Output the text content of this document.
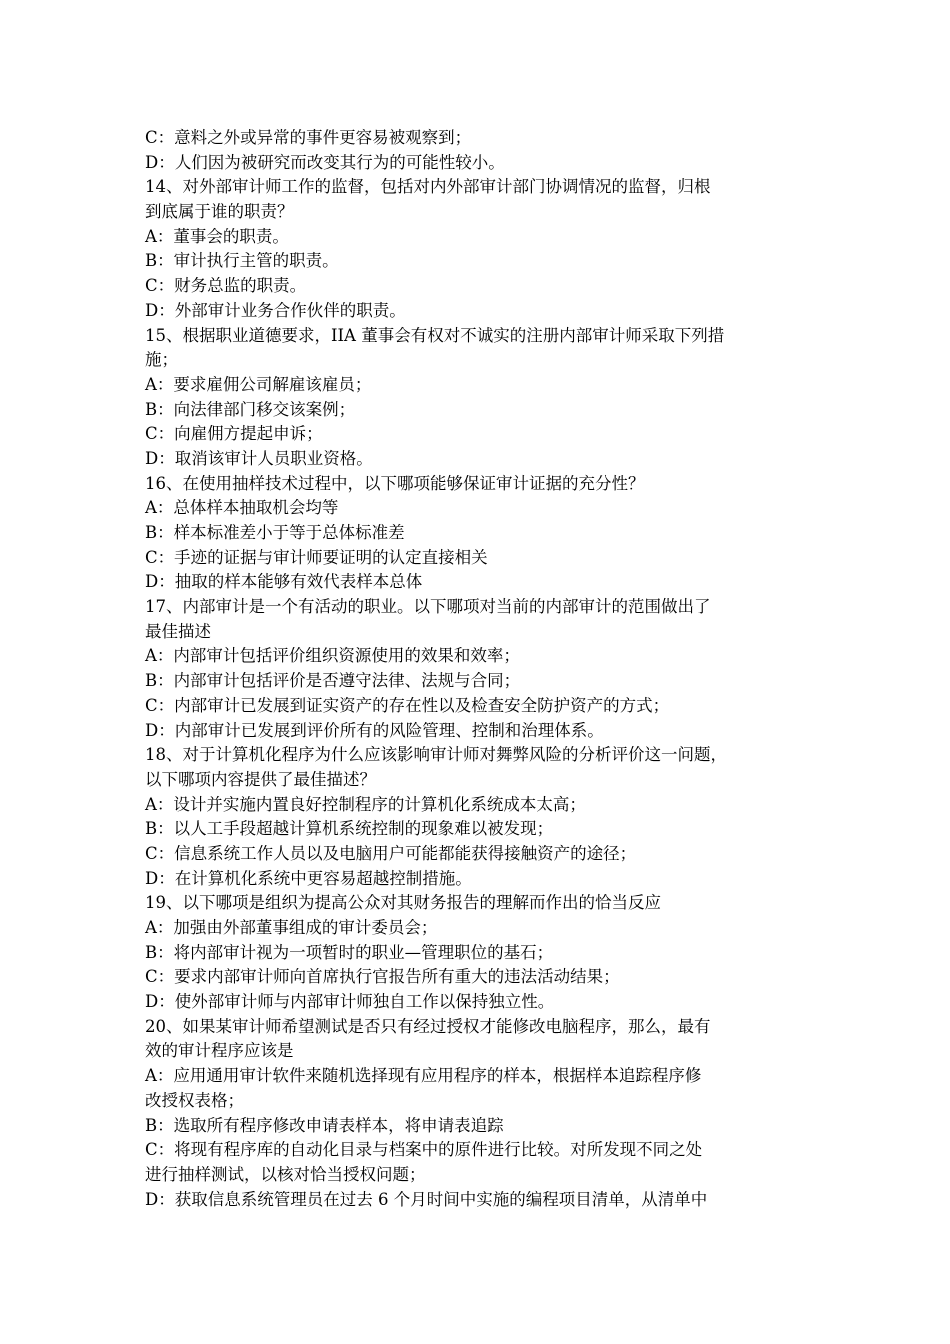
C：意料之外或异常的事件更容易被观察到；
D：人们因为被研究而改变其行为的可能性较小。
14、对外部审计师工作的监督，包括对内外部审计部门协调情况的监督，归根
到底属于谁的职责？
A：董事会的职责。
B：审计执行主管的职责。
C：财务总监的职责。
D：外部审计业务合作伙伴的职责。
15、根据职业道德要求，IIA 董事会有权对不诚实的注册内部审计师采取下列措
施；
A：要求雇佣公司解雇该雇员；
B：向法律部门移交该案例；
C：向雇佣方提起申诉；
D：取消该审计人员职业资格。
16、在使用抽样技术过程中，以下哪项能够保证审计证据的充分性？
A：总体样本抽取机会均等
B：样本标准差小于等于总体标准差
C：手迹的证据与审计师要证明的认定直接相关
D：抽取的样本能够有效代表样本总体
17、内部审计是一个有活动的职业。以下哪项对当前的内部审计的范围做出了
最佳描述
A：内部审计包括评价组织资源使用的效果和效率；
B：内部审计包括评价是否遵守法律、法规与合同；
C：内部审计已发展到证实资产的存在性以及检查安全防护资产的方式；
D：内部审计已发展到评价所有的风险管理、控制和治理体系。
18、对于计算机化程序为什么应该影响审计师对舞弊风险的分析评价这一问题，
以下哪项内容提供了最佳描述？
A：设计并实施内置良好控制程序的计算机化系统成本太高；
B：以人工手段超越计算机系统控制的现象难以被发现；
C：信息系统工作人员以及电脑用户可能都能获得接触资产的途径；
D：在计算机化系统中更容易超越控制措施。
19、以下哪项是组织为提高公众对其财务报告的理解而作出的恰当反应
A：加强由外部董事组成的审计委员会；
B：将内部审计视为一项暂时的职业—管理职位的基石；
C：要求内部审计师向首席执行官报告所有重大的违法活动结果；
D：使外部审计师与内部审计师独自工作以保持独立性。
20、如果某审计师希望测试是否只有经过授权才能修改电脑程序，那么，最有
效的审计程序应该是
A：应用通用审计软件来随机选择现有应用程序的样本，根据样本追踪程序修
改授权表格；
B：选取所有程序修改申请表样本，将申请表追踪
C：将现有程序库的自动化目录与档案中的原件进行比较。对所发现不同之处
进行抽样测试，以核对恰当授权问题；
D：获取信息系统管理员在过去 6 个月时间中实施的编程项目清单，从清单中
